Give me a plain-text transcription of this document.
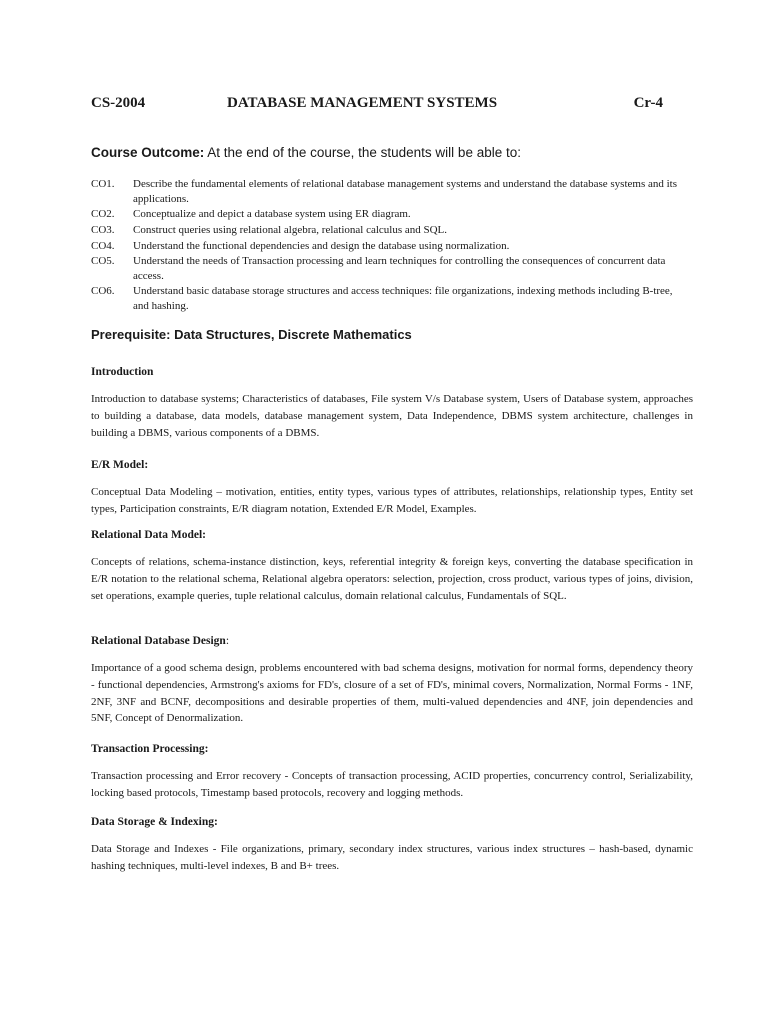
CS-2004	DATABASE MANAGEMENT SYSTEMS	Cr-4
Course Outcome: At the end of the course, the students will be able to:
CO1. Describe the fundamental elements of relational database management systems and understand the database systems and its applications.
CO2. Conceptualize and depict a database system using ER diagram.
CO3. Construct queries using relational algebra, relational calculus and SQL.
CO4. Understand the functional dependencies and design the database using normalization.
CO5. Understand the needs of Transaction processing and learn techniques for controlling the consequences of concurrent data access.
CO6. Understand basic database storage structures and access techniques: file organizations, indexing methods including B-tree, and hashing.
Prerequisite: Data Structures, Discrete Mathematics
Introduction

Introduction to database systems; Characteristics of databases, File system V/s Database system, Users of Database system, approaches to building a database, data models, database management system, Data Independence, DBMS system architecture, challenges in building a DBMS, various components of a DBMS.

E/R Model:

Conceptual Data Modeling – motivation, entities, entity types, various types of attributes, relationships, relationship types, Entity set types, Participation constraints, E/R diagram notation, Extended E/R Model, Examples.

Relational Data Model:

Concepts of relations, schema-instance distinction, keys, referential integrity & foreign keys, converting the database specification in E/R notation to the relational schema, Relational algebra operators: selection, projection, cross product, various types of joins, division, set operations, example queries, tuple relational calculus, domain relational calculus, Fundamentals of SQL.

Relational Database Design:

Importance of a good schema design, problems encountered with bad schema designs, motivation for normal forms, dependency theory - functional dependencies, Armstrong's axioms for FD's, closure of a set of FD's, minimal covers, Normalization, Normal Forms - 1NF, 2NF, 3NF and BCNF, decompositions and desirable properties of them, multi-valued dependencies and 4NF, join dependencies and 5NF, Concept of Denormalization.

Transaction Processing:

Transaction processing and Error recovery - Concepts of transaction processing, ACID properties, concurrency control, Serializability, locking based protocols, Timestamp based protocols, recovery and logging methods.

Data Storage & Indexing:

Data Storage and Indexes - File organizations, primary, secondary index structures, various index structures – hash-based, dynamic hashing techniques, multi-level indexes, B and B+ trees.
